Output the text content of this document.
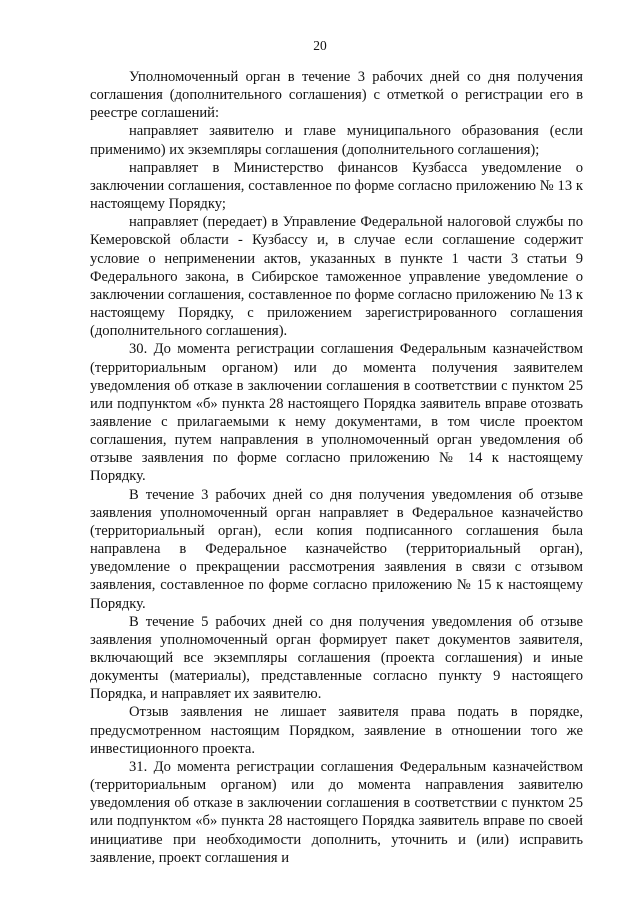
20

Уполномоченный орган в течение 3 рабочих дней со дня получения соглашения (дополнительного соглашения) с отметкой о регистрации его в реестре соглашений:

направляет заявителю и главе муниципального образования (если применимо) их экземпляры соглашения (дополнительного соглашения);

направляет в Министерство финансов Кузбасса уведомление о заключении соглашения, составленное по форме согласно приложению № 13 к настоящему Порядку;

направляет (передает) в Управление Федеральной налоговой службы по Кемеровской области - Кузбассу и, в случае если соглашение содержит условие о неприменении актов, указанных в пункте 1 части 3 статьи 9 Федерального закона, в Сибирское таможенное управление уведомление о заключении соглашения, составленное по форме согласно приложению № 13 к настоящему Порядку, с приложением зарегистрированного соглашения (дополнительного соглашения).

30. До момента регистрации соглашения Федеральным казначейством (территориальным органом) или до момента получения заявителем уведомления об отказе в заключении соглашения в соответствии с пунктом 25 или подпунктом «б» пункта 28 настоящего Порядка заявитель вправе отозвать заявление с прилагаемыми к нему документами, в том числе проектом соглашения, путем направления в уполномоченный орган уведомления об отзыве заявления по форме согласно приложению № 14 к настоящему Порядку.

В течение 3 рабочих дней со дня получения уведомления об отзыве заявления уполномоченный орган направляет в Федеральное казначейство (территориальный орган), если копия подписанного соглашения была направлена в Федеральное казначейство (территориальный орган), уведомление о прекращении рассмотрения заявления в связи с отзывом заявления, составленное по форме согласно приложению № 15 к настоящему Порядку.

В течение 5 рабочих дней со дня получения уведомления об отзыве заявления уполномоченный орган формирует пакет документов заявителя, включающий все экземпляры соглашения (проекта соглашения) и иные документы (материалы), представленные согласно пункту 9 настоящего Порядка, и направляет их заявителю.

Отзыв заявления не лишает заявителя права подать в порядке, предусмотренном настоящим Порядком, заявление в отношении того же инвестиционного проекта.

31. До момента регистрации соглашения Федеральным казначейством (территориальным органом) или до момента направления заявителю уведомления об отказе в заключении соглашения в соответствии с пунктом 25 или подпунктом «б» пункта 28 настоящего Порядка заявитель вправе по своей инициативе при необходимости дополнить, уточнить и (или) исправить заявление, проект соглашения и
